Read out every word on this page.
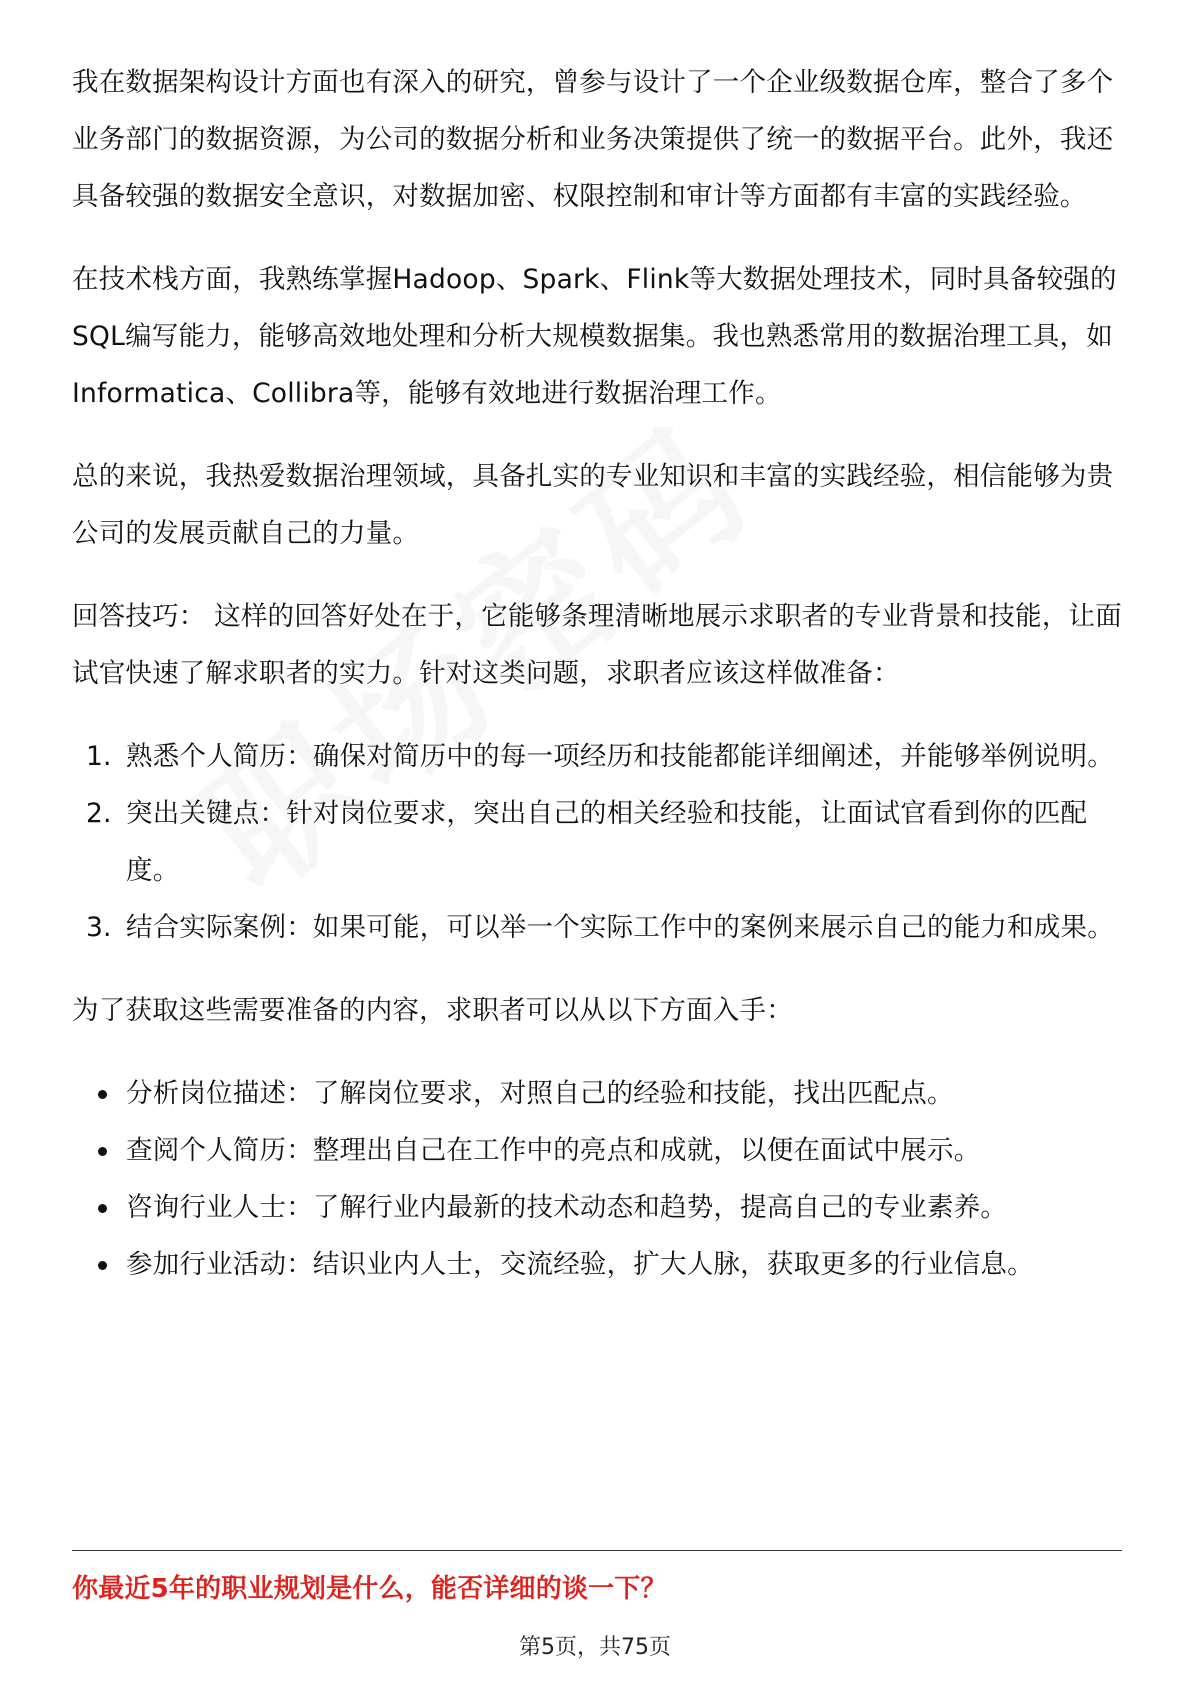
我在数据架构设计方面也有深入的研究，曾参与设计了一个企业级数据仓库，整合了多个业务部门的数据资源，为公司的数据分析和业务决策提供了统一的数据平台。此外，我还具备较强的数据安全意识，对数据加密、权限控制和审计等方面都有丰富的实践经验。

在技术栈方面，我熟练掌握Hadoop、Spark、Flink等大数据处理技术，同时具备较强的SQL编写能力，能够高效地处理和分析大规模数据集。我也熟悉常用的数据治理工具，如Informatica、Collibra等，能够有效地进行数据治理工作。

总的来说，我热爱数据治理领域，具备扎实的专业知识和丰富的实践经验，相信能够为贵公司的发展贡献自己的力量。

回答技巧： 这样的回答好处在于，它能够条理清晰地展示求职者的专业背景和技能，让面试官快速了解求职者的实力。针对这类问题，求职者应该这样做准备：

1. 熟悉个人简历：确保对简历中的每一项经历和技能都能详细阐述，并能够举例说明。
2. 突出关键点：针对岗位要求，突出自己的相关经验和技能，让面试官看到你的匹配度。
3. 结合实际案例：如果可能，可以举一个实际工作中的案例来展示自己的能力和成果。

为了获取这些需要准备的内容，求职者可以从以下方面入手：

分析岗位描述：了解岗位要求，对照自己的经验和技能，找出匹配点。
查阅个人简历：整理出自己在工作中的亮点和成就，以便在面试中展示。
咨询行业人士：了解行业内最新的技术动态和趋势，提高自己的专业素养。
参加行业活动：结识业内人士，交流经验，扩大人脉，获取更多的行业信息。
你最近5年的职业规划是什么，能否详细的谈一下？
第5页，共75页
